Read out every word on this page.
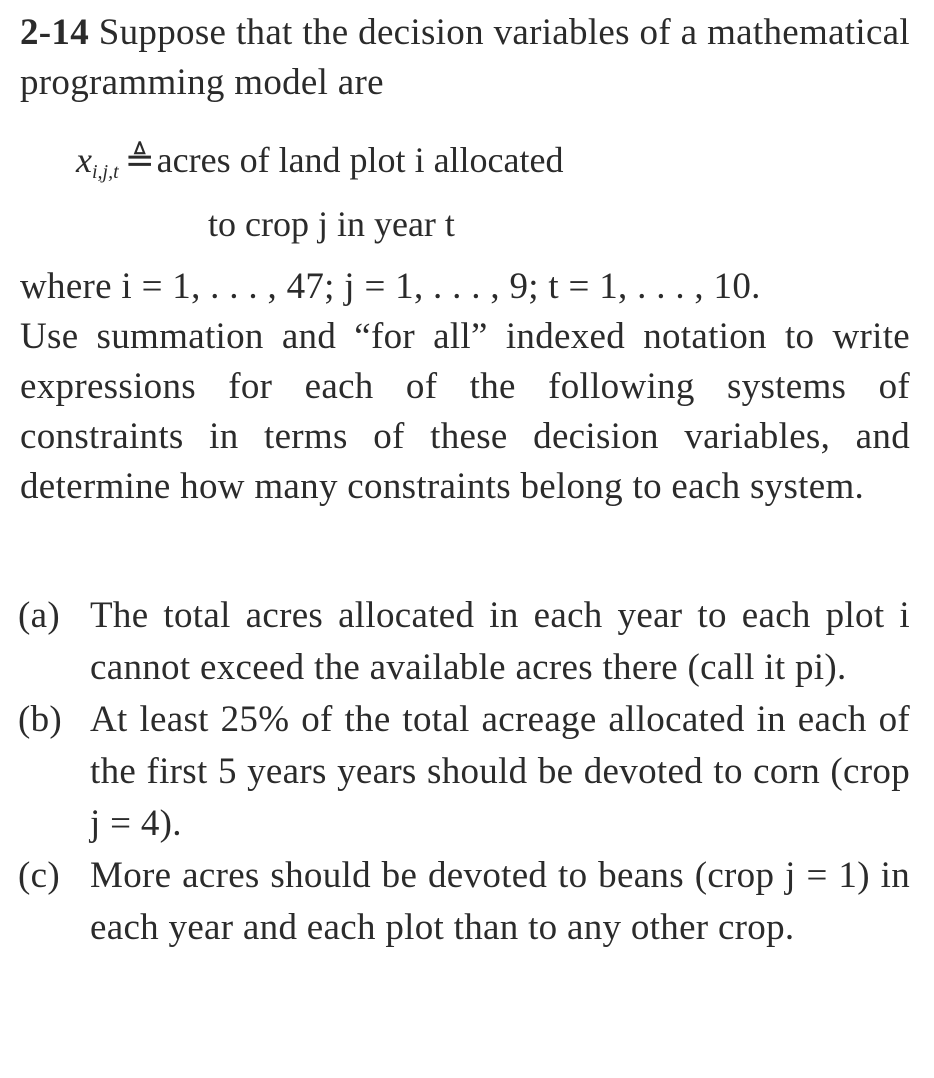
2-14 Suppose that the decision variables of a mathematical programming model are
$x_{i,j,t}$ ≜acres of land plot i allocated
to crop j in year t
where i = 1, . . . , 47; j = 1, . . . , 9; t = 1, . . . , 10.
Use summation and “for all” indexed notation to write expressions for each of the following systems of constraints in terms of these decision variables, and determine how many constraints belong to each system.
(a) The total acres allocated in each year to each plot i cannot exceed the available acres there (call it pi).
(b) At least 25% of the total acreage allocated in each of the first 5 years years should be devoted to corn (crop j = 4).
(c) More acres should be devoted to beans (crop j = 1) in each year and each plot than to any other crop.
